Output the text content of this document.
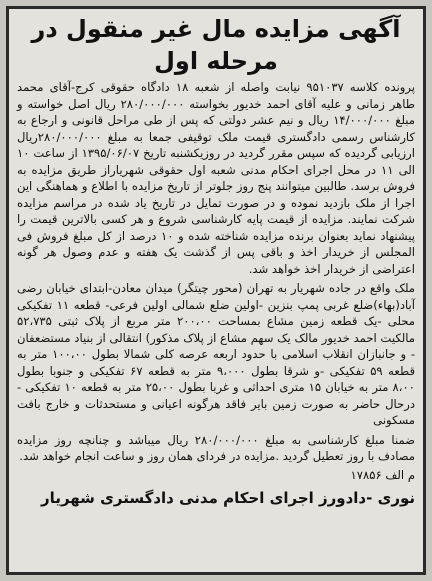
آگهی مزایده مال غیر منقول در مرحله اول

پرونده کلاسه ۹۵۱۰۳۷ نیابت واصله از شعبه ۱۸ دادگاه حقوقی کرج-آقای محمد طاهر زمانی و علیه آقای احمد خدیور بخواسته ۲۸۰/۰۰۰/۰۰۰ ریال اصل خواسته و مبلغ ۱۴/۰۰۰/۰۰۰ ریال و نیم عشر دولتی که پس از طی مراحل قانونی و ارجاع به کارشناس رسمی دادگستری قیمت ملک توقیفی جمعا به مبلغ ۲۸۰/۰۰۰/۰۰۰ریال ارزیابی گردیده که سپس مقرر گردید در روزیکشنبه تاریخ ۱۳۹۵/۰۶/۰۷ از ساعت ۱۰ الی ۱۱ در محل اجرای احکام مدنی شعبه اول حقوقی شهریاراز طریق مزایده به فروش برسد. طالبین میتوانند پنج روز جلوتر از تاریخ مزایده با اطلاع و هماهنگی این اجرا از ملک بازدید نموده و در صورت تمایل در تاریخ یاد شده در مراسم مزایده شرکت نمایند. مزایده از قیمت پایه کارشناسی شروع و هر کسی بالاترین قیمت را پیشنهاد نماید بعنوان برنده مزایده شناخته شده و ۱۰ درصد از کل مبلغ فروش فی المجلس از خریدار اخذ و باقی پس از گذشت یک هفته و عدم وصول هر گونه اعتراضی از خریدار اخذ خواهد شد.

ملک واقع در جاده شهریار به تهران (محور چیتگر) میدان معادن-ابتدای خیابان رضی آباد(بهاء)ضلع غربی پمپ بنزین -اولین ضلع شمالی اولین فرعی- قطعه ۱۱ تفکیکی محلی -یک قطعه زمین مشاع بمساحت ۲۰۰،۰۰ متر مربع از پلاک ثبتی ۵۲،۷۳۵ مالکیت احمد خدیور مالک یک سهم مشاع از پلاک مذکور) انتقالی از بنیاد مستضعفان - و جانبازان انقلاب اسلامی با حدود اربعه عرصه کلی شمالا بطول ۱۰۰،۰۰ متر به قطعه ۵۹ تفکیکی -و شرقا بطول ۹،۰۰۰ متر به قطعه ۶۷ تفکیکی و جنوبا بطول ۸،۰۰ متر به خیابان ۱۵ متری احداثی و غربا بطول ۲۵،۰۰ متر به قطعه ۱۰ تفکیکی - درحال حاضر به صورت زمین بایر فاقد هرگونه اعیانی و مستحدثات و خارج بافت مسکونی

ضمنا مبلغ کارشناسی به مبلغ ۲۸۰/۰۰۰/۰۰۰ ریال میباشد و چنانچه روز مزایده مصادف با روز تعطیل گردید .مزایده در فردای همان روز و ساعت انجام خواهد شد.

م الف ۱۷۸۵۶
نوری -دادورز اجرای احکام مدنی دادگستری شهریار
